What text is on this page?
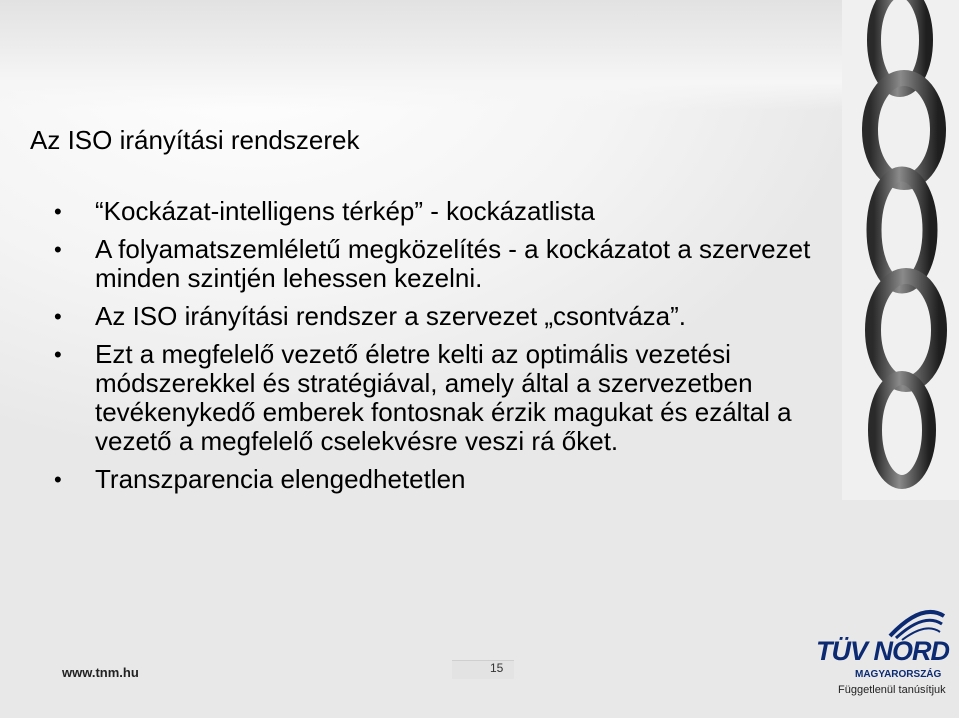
Az ISO irányítási rendszerek
• “Kockázat-intelligens térkép” - kockázatlista
• A folyamatszemléletű megközelítés - a kockázatot a szervezet minden szintjén lehessen kezelni.
• Az ISO irányítási rendszer a szervezet „csontváza”.
• Ezt a megfelelő vezető életre kelti az optimális vezetési módszerekkel és stratégiával, amely által a szervezetben tevékenykedő emberek fontosnak érzik magukat és ezáltal a vezető a megfelelő cselekvésre veszi rá őket.
• Transzparencia elengedhetetlen
www.tnm.hu	15
TÜV NORD
MAGYARORSZÁG
Függetlenül tanúsítjuk
